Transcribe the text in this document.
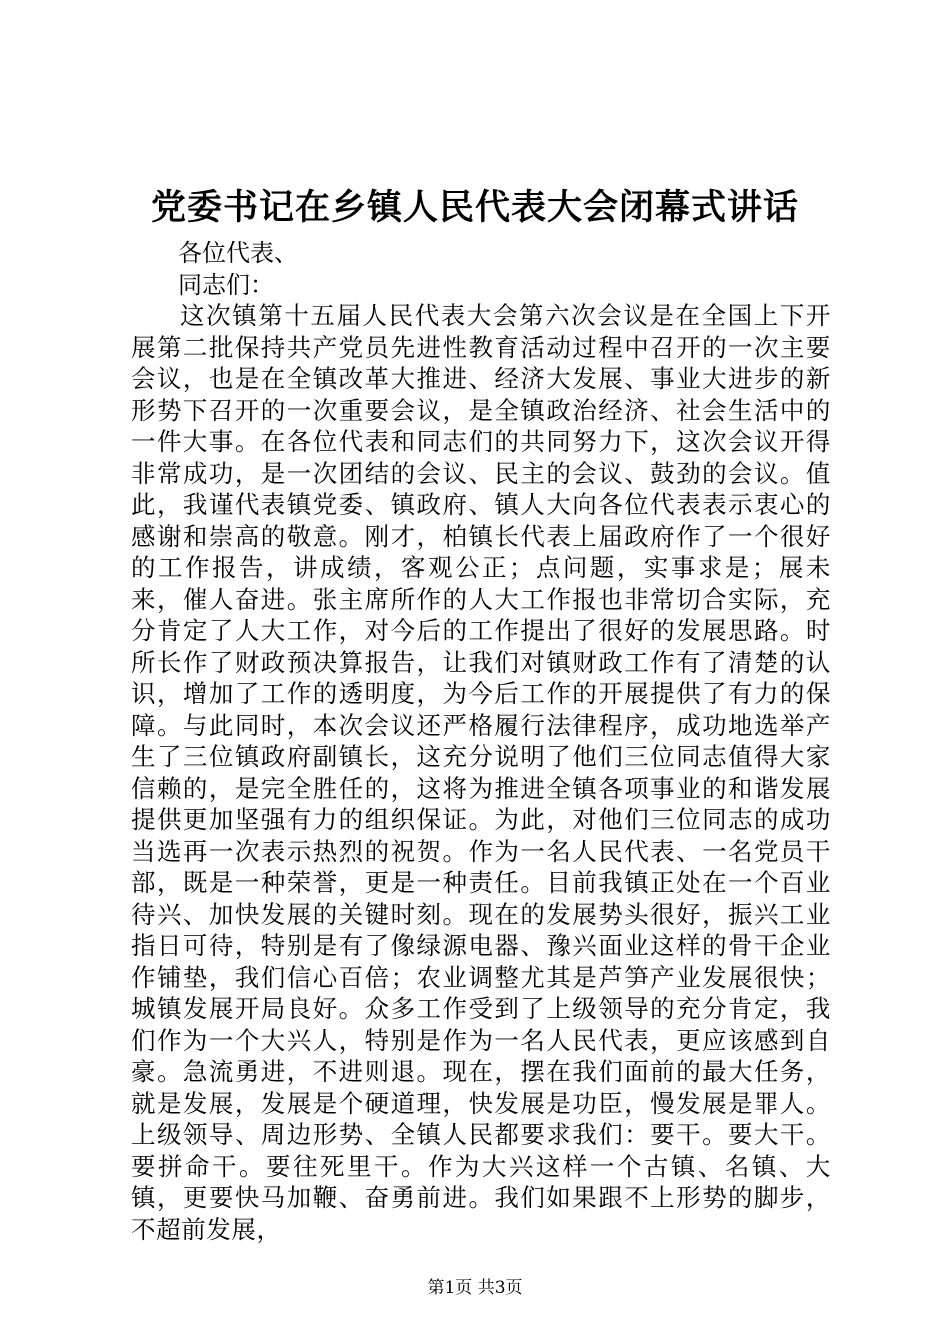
党委书记在乡镇人民代表大会闭幕式讲话
各位代表、
同志们：

这次镇第十五届人民代表大会第六次会议是在全国上下开展第二批保持共产党员先进性教育活动过程中召开的一次主要会议，也是在全镇改革大推进、经济大发展、事业大进步的新形势下召开的一次重要会议，是全镇政治经济、社会生活中的一件大事。在各位代表和同志们的共同努力下，这次会议开得非常成功，是一次团结的会议、民主的会议、鼓劲的会议。值此，我谨代表镇党委、镇政府、镇人大向各位代表表示衷心的感谢和崇高的敬意。刚才，柏镇长代表上届政府作了一个很好的工作报告，讲成绩，客观公正；点问题，实事求是；展未来，催人奋进。张主席所作的人大工作报也非常切合实际，充分肯定了人大工作，对今后的工作提出了很好的发展思路。时所长作了财政预决算报告，让我们对镇财政工作有了清楚的认识，增加了工作的透明度，为今后工作的开展提供了有力的保障。与此同时，本次会议还严格履行法律程序，成功地选举产生了三位镇政府副镇长，这充分说明了他们三位同志值得大家信赖的，是完全胜任的，这将为推进全镇各项事业的和谐发展提供更加坚强有力的组织保证。为此，对他们三位同志的成功当选再一次表示热烈的祝贺。作为一名人民代表、一名党员干部，既是一种荣誉，更是一种责任。目前我镇正处在一个百业待兴、加快发展的关键时刻。现在的发展势头很好，振兴工业指日可待，特别是有了像绿源电器、豫兴面业这样的骨干企业作铺垫，我们信心百倍；农业调整尤其是芦笋产业发展很快；城镇发展开局良好。众多工作受到了上级领导的充分肯定，我们作为一个大兴人，特别是作为一名人民代表，更应该感到自豪。急流勇进，不进则退。现在，摆在我们面前的最大任务，就是发展，发展是个硬道理，快发展是功臣，慢发展是罪人。上级领导、周边形势、全镇人民都要求我们：要干。要大干。要拼命干。要往死里干。作为大兴这样一个古镇、名镇、大镇，更要快马加鞭、奋勇前进。我们如果跟不上形势的脚步，不超前发展，

第1页 共3页
